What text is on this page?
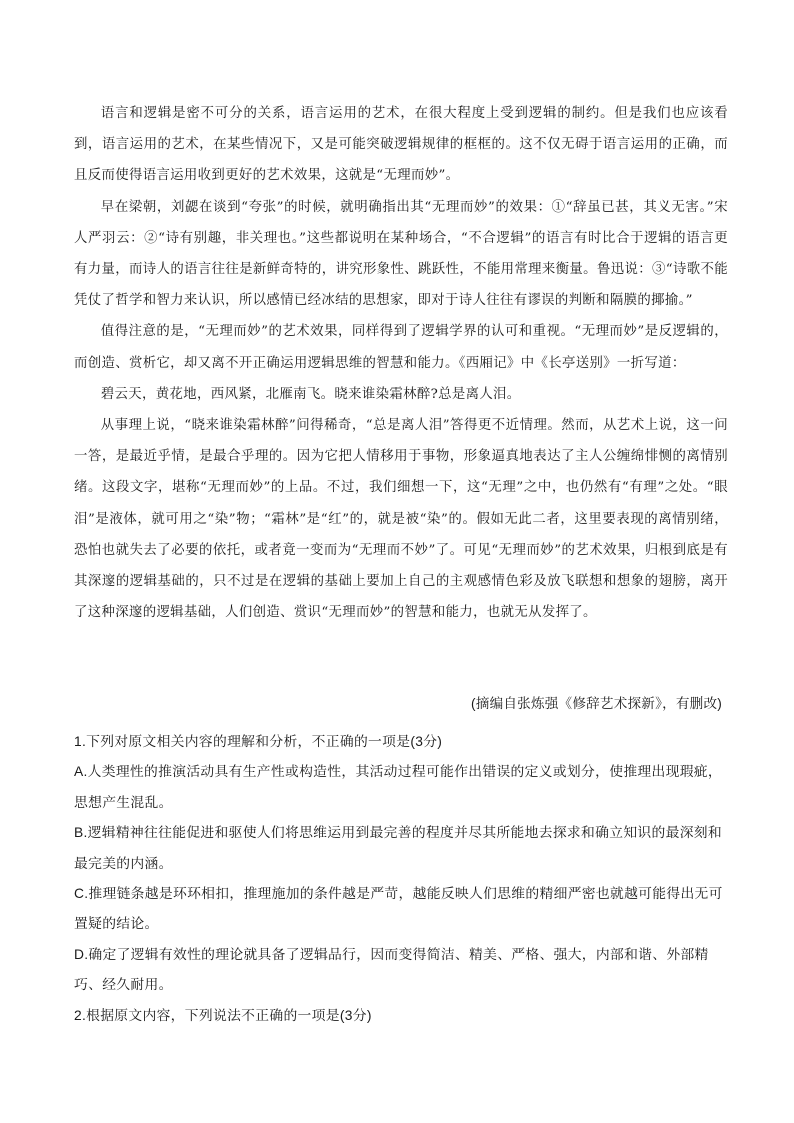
语言和逻辑是密不可分的关系，语言运用的艺术，在很大程度上受到逻辑的制约。但是我们也应该看到，语言运用的艺术，在某些情况下，又是可能突破逻辑规律的框框的。这不仅无碍于语言运用的正确，而且反而使得语言运用收到更好的艺术效果，这就是“无理而妙”。

早在梁朝，刘勰在谈到“夸张”的时候，就明确指出其“无理而妙”的效果：①“辞虽已甚，其义无害。”宋人严羽云：②“诗有别趣，非关理也。”这些都说明在某种场合，“不合逻辑”的语言有时比合于逻辑的语言更有力量，而诗人的语言往往是新鲜奇特的，讲究形象性、跳跃性，不能用常理来衡量。鲁迅说：③“诗歌不能凭仗了哲学和智力来认识，所以感情已经冰结的思想家，即对于诗人往往有谬误的判断和隔膜的揶揄。”

值得注意的是，“无理而妙”的艺术效果，同样得到了逻辑学界的认可和重视。“无理而妙”是反逻辑的，而创造、赏析它，却又离不开正确运用逻辑思维的智慧和能力。《西厢记》中《长亭送别》一折写道：

碧云天，黄花地，西风紧，北雁南飞。晓来谁染霜林醉?总是离人泪。

从事理上说，“晓来谁染霜林醉”问得稀奇，“总是离人泪”答得更不近情理。然而，从艺术上说，这一问一答，是最近乎情，是最合乎理的。因为它把人情移用于事物，形象逼真地表达了主人公缠绵悱恻的离情别绪。这段文字，堪称“无理而妙”的上品。不过，我们细想一下，这“无理”之中，也仍然有“有理”之处。“眼泪”是液体，就可用之“染”物；“霜林”是“红”的，就是被“染”的。假如无此二者，这里要表现的离情别绪，恐怕也就失去了必要的依托，或者竟一变而为“无理而不妙”了。可见“无理而妙”的艺术效果，归根到底是有其深邃的逻辑基础的，只不过是在逻辑的基础上要加上自己的主观感情色彩及放飞联想和想象的翅膀，离开了这种深邃的逻辑基础，人们创造、赏识“无理而妙”的智慧和能力，也就无从发挥了。

(摘编自张炼强《修辞艺术探新》，有删改)
1.下列对原文相关内容的理解和分析，不正确的一项是(3分)
A.人类理性的推演活动具有生产性或构造性，其活动过程可能作出错误的定义或划分，使推理出现瑕疵，思想产生混乱。
B.逻辑精神往往能促进和驱使人们将思维运用到最完善的程度并尽其所能地去探求和确立知识的最深刻和最完美的内涵。
C.推理链条越是环环相扣，推理施加的条件越是严苛，越能反映人们思维的精细严密也就越可能得出无可置疑的结论。
D.确定了逻辑有效性的理论就具备了逻辑品行，因而变得简洁、精美、严格、强大，内部和谐、外部精巧、经久耐用。
2.根据原文内容，下列说法不正确的一项是(3分)
